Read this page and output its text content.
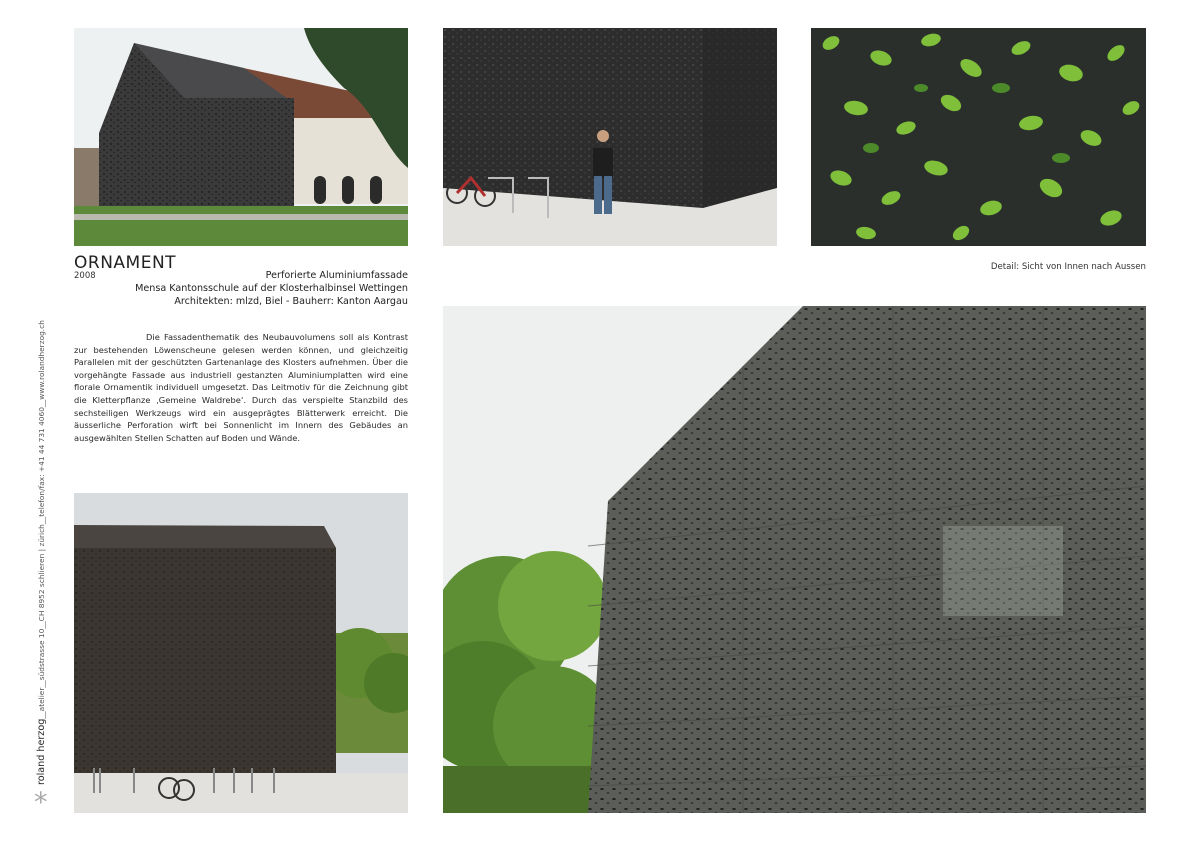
ORNAMENT
2008	Perforierte Aluminiumfassade
Mensa Kantonsschule auf der Klosterhalbinsel Wettingen
Architekten: mlzd, Biel - Bauherr: Kanton Aargau
Die Fassadenthematik des Neubauvolumens soll als Kontrast zur bestehenden Löwenscheune gelesen werden können, und gleichzeitig Parallelen mit der geschützten Gartenanlage des Klosters aufnehmen. Über die vorgehängte Fassade aus industriell gestanzten Aluminiumplatten wird eine florale Ornamentik individuell umgesetzt. Das Leitmotiv für die Zeichnung gibt die Kletterpflanze ‚Gemeine Waldrebe‘. Durch das verspielte Stanzbild des sechsteiligen Werkzeugs wird ein ausgeprägtes Blätterwerk erreicht. Die äusserliche Perforation wirft bei Sonnenlicht im Innern des Gebäudes an ausgewählten Stellen Schatten auf Boden und Wände.
Detail: Sicht von Innen nach Aussen
roland herzog__atelier__südstrasse 10__CH 8952 schlieren | zürich__telefon/fax: +41 44 731 4060__www.rolandherzog.ch
*
